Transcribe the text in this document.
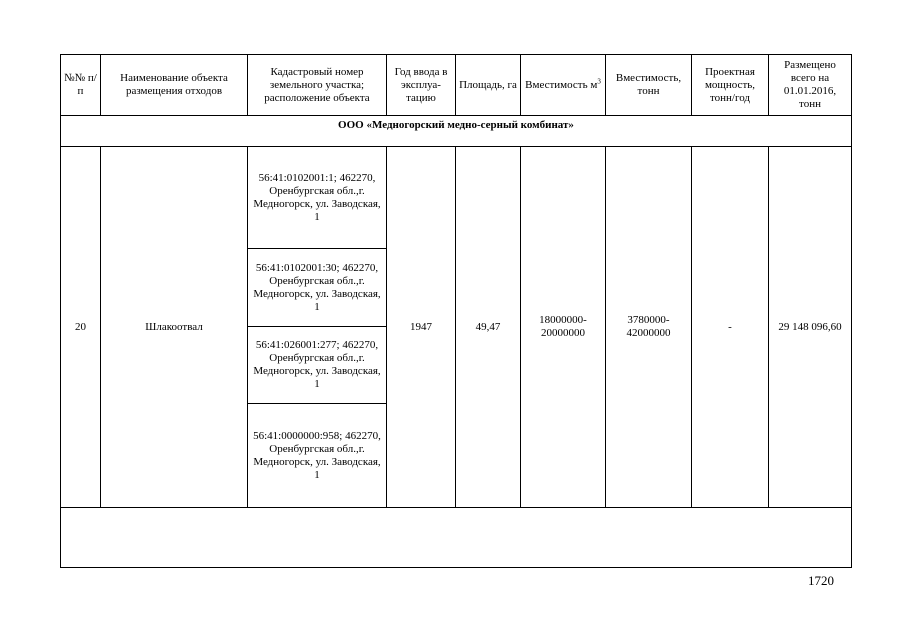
№№ п/п	Наименование объекта размещения отходов	Кадастровый номер земельного участка; расположение объекта	Год ввода в эксплуа-тацию	Площадь, га	Вместимость $м^3$	Вместимость, тонн	Проектная мощность, тонн/год	Размещено всего на 01.01.2016, тонн
ООО «Медногорский медно-серный комбинат»								
20	Шлакоотвал	56:41:0102001:1; 462270, Оренбургская обл.,г. Медногорск, ул. Заводская, 1	1947	49,47	18000000-20000000	3780000-42000000	-	29 148 096,60
		56:41:0102001:30; 462270, Оренбургская обл.,г. Медногорск, ул. Заводская, 1						
		56:41:026001:277; 462270, Оренбургская обл.,г. Медногорск, ул. Заводская, 1						
		56:41:0000000:958; 462270, Оренбургская обл.,г. Медногорск, ул. Заводская, 1						

1720
